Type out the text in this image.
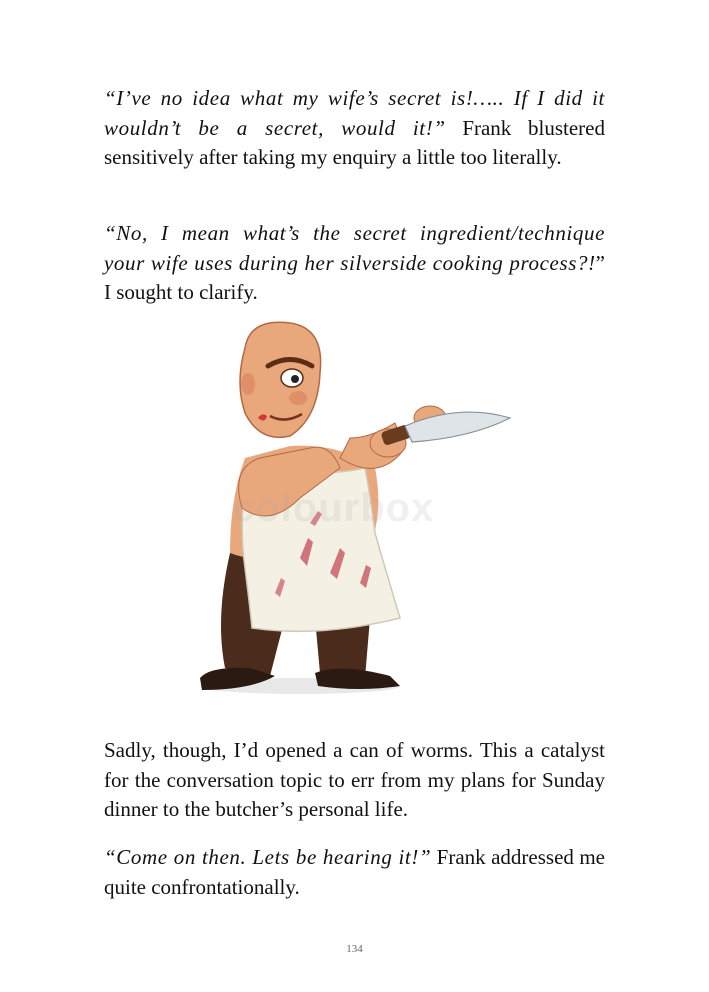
“I’ve no idea what my wife’s secret is!….. If I did it wouldn’t be a secret, would it!” Frank blustered sensitively after taking my enquiry a little too literally.

“No, I mean what’s the secret ingredient/technique your wife uses during her silverside cooking process?!” I sought to clarify.

colourbox

Sadly, though, I’d opened a can of worms. This a catalyst for the conversation topic to err from my plans for Sunday dinner to the butcher’s personal life.

“Come on then. Lets be hearing it!” Frank addressed me quite confrontationally.

134
